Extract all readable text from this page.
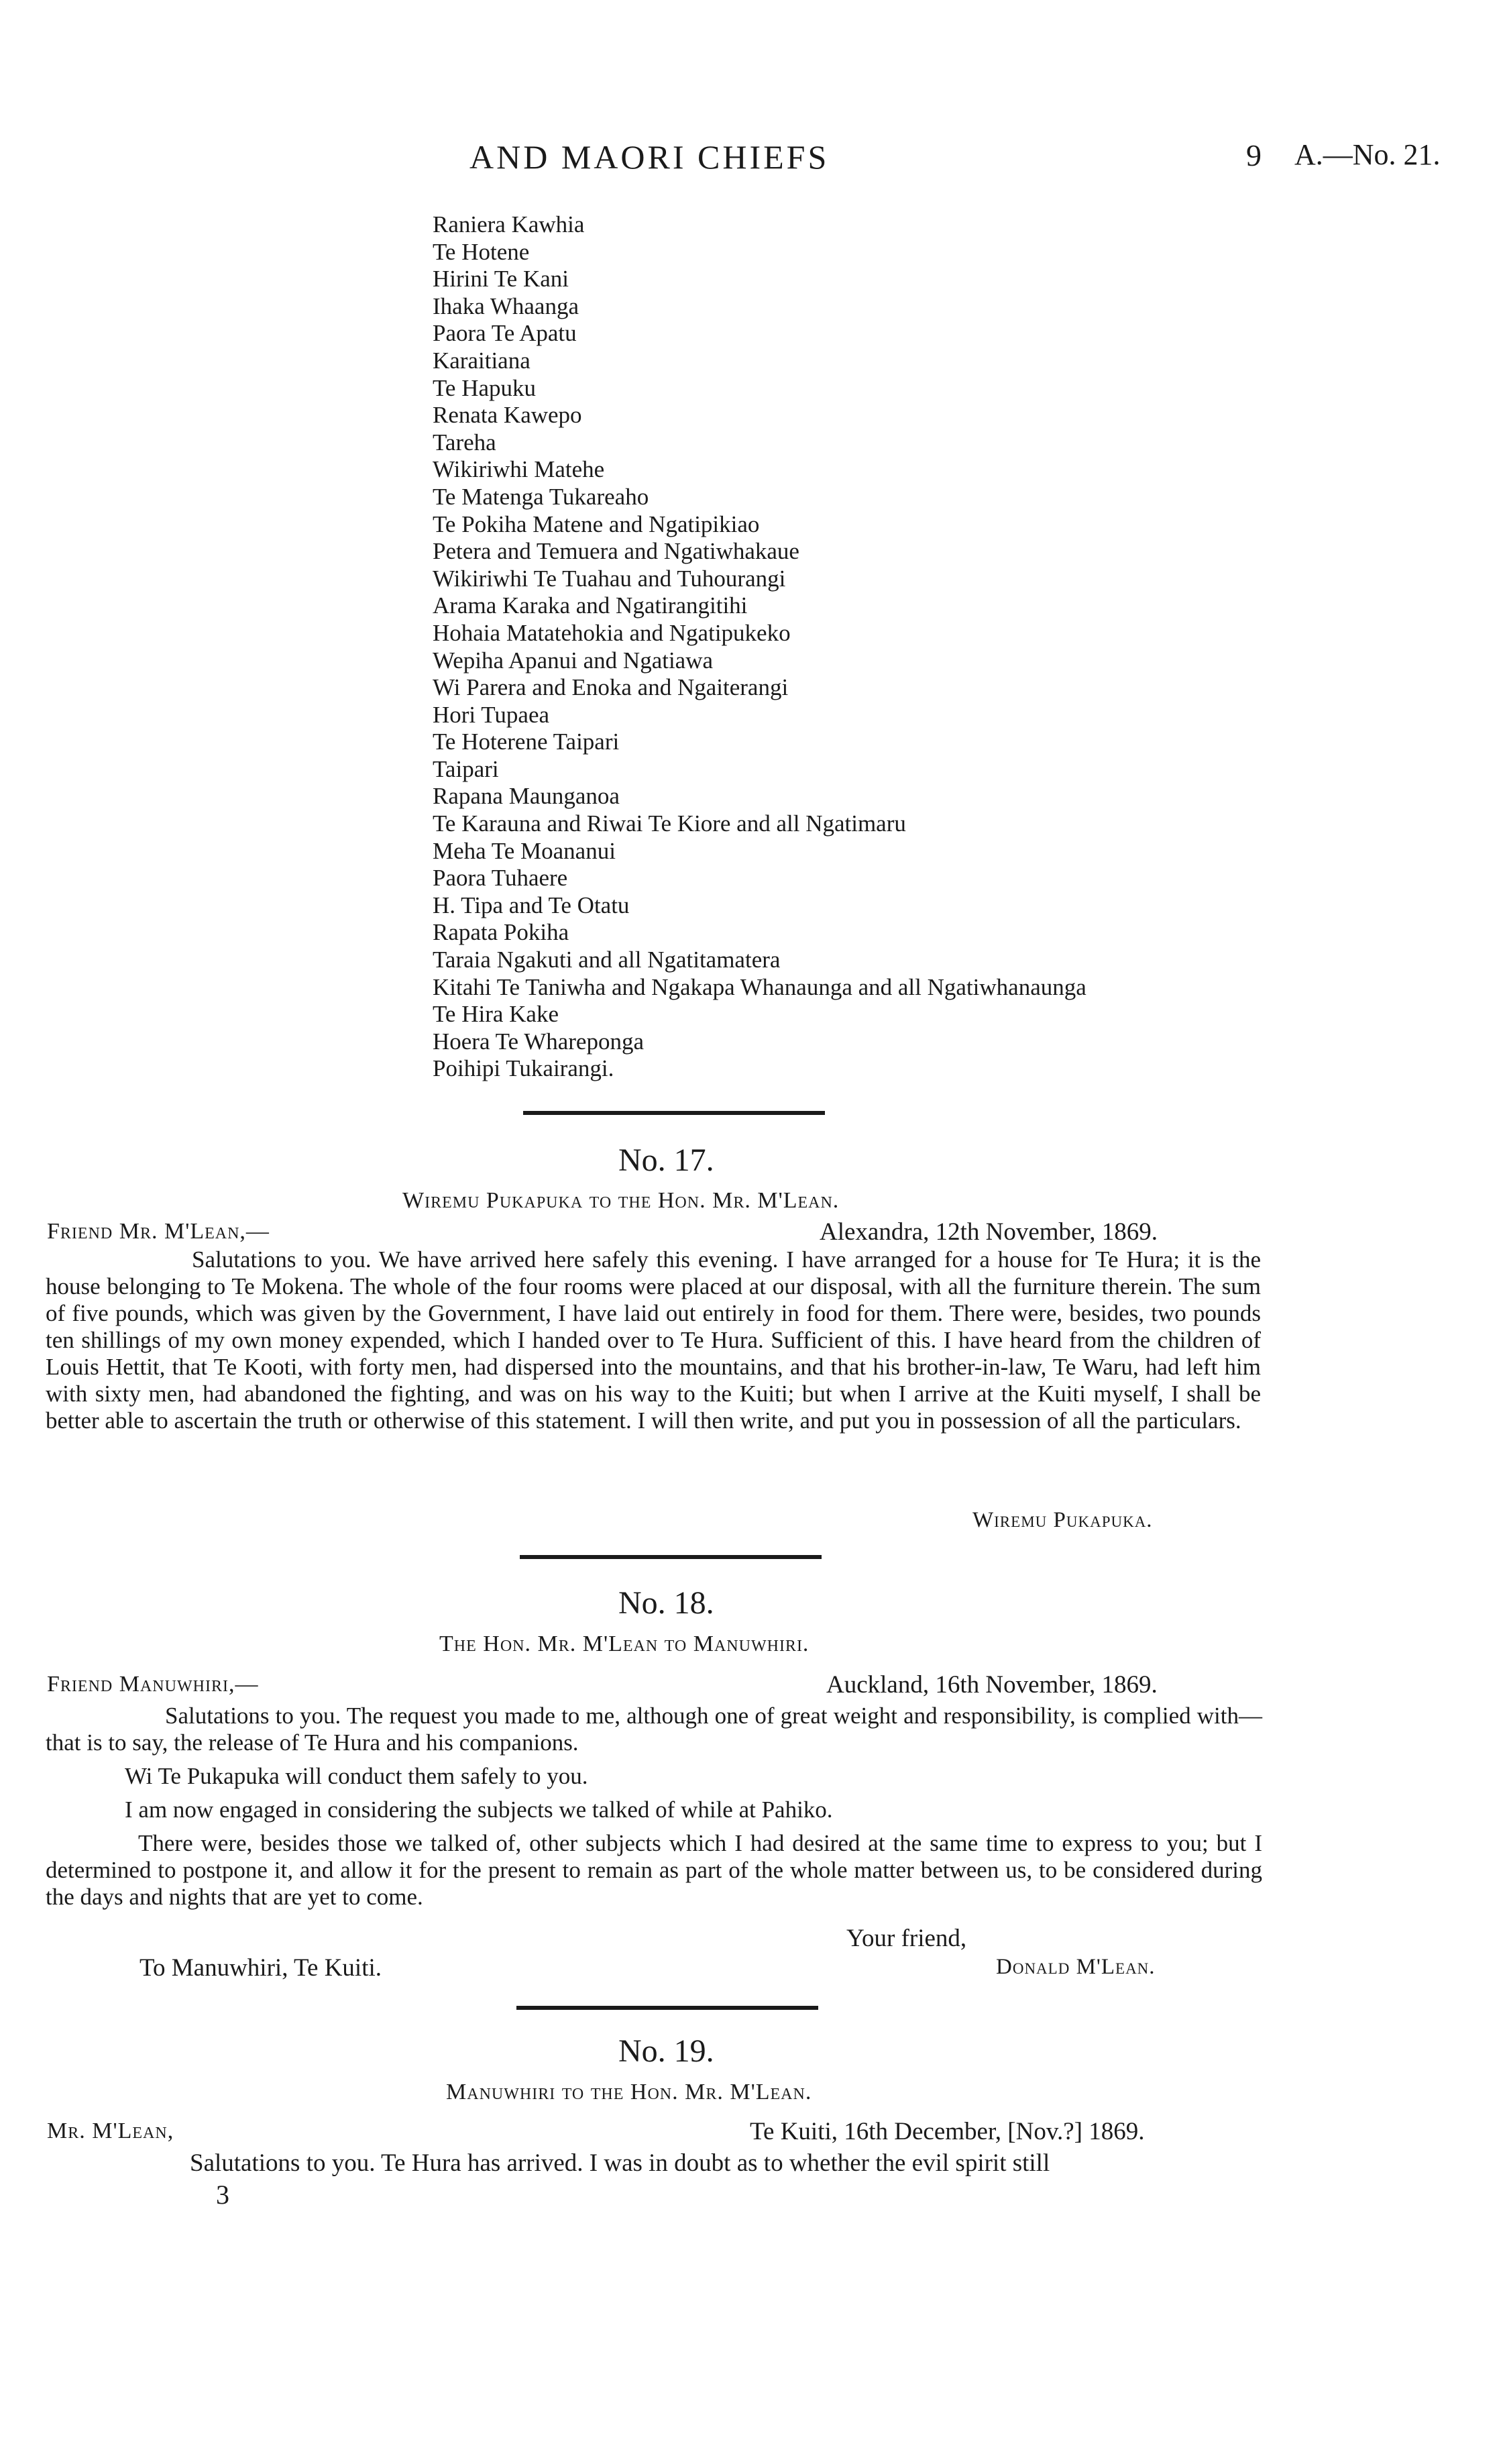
AND MAORI CHIEFS	9 A.—No. 21.
Raniera Kawhia
Te Hotene
Hirini Te Kani
Ihaka Whaanga
Paora Te Apatu
Karaitiana
Te Hapuku
Renata Kawepo
Tareha
Wikiriwhi Matehe
Te Matenga Tukareaho
Te Pokiha Matene and Ngatipikiao
Petera and Temuera and Ngatiwhakaue
Wikiriwhi Te Tuahau and Tuhourangi
Arama Karaka and Ngatirangitihi
Hohaia Matatehokia and Ngatipukeko
Wepiha Apanui and Ngatiawa
Wi Parera and Enoka and Ngaiterangi
Hori Tupaea
Te Hoterene Taipari
Taipari
Rapana Maunganoa
Te Karauna and Riwai Te Kiore and all Ngatimaru
Meha Te Moananui
Paora Tuhaere
H. Tipa and Te Otatu
Rapata Pokiha
Taraia Ngakuti and all Ngatitamatera
Kitahi Te Taniwha and Ngakapa Whanaunga and all Ngatiwhanaunga
Te Hira Kake
Hoera Te Whareponga
Poihipi Tukairangi.
No. 17.
Wiremu Pukapuka to the Hon. Mr. M'Lean.
Friend Mr. M'Lean,—	Alexandra, 12th November, 1869.
Salutations to you. We have arrived here safely this evening. I have arranged for a house for Te Hura; it is the house belonging to Te Mokena. The whole of the four rooms were placed at our disposal, with all the furniture therein. The sum of five pounds, which was given by the Government, I have laid out entirely in food for them. There were, besides, two pounds ten shillings of my own money expended, which I handed over to Te Hura. Sufficient of this. I have heard from the children of Louis Hettit, that Te Kooti, with forty men, had dispersed into the mountains, and that his brother-in-law, Te Waru, had left him with sixty men, had abandoned the fighting, and was on his way to the Kuiti; but when I arrive at the Kuiti myself, I shall be better able to ascertain the truth or otherwise of this statement. I will then write, and put you in possession of all the particulars.
Wiremu Pukapuka.
No. 18.
The Hon. Mr. M'Lean to Manuwhiri.
Friend Manuwhiri,—	Auckland, 16th November, 1869.

Salutations to you. The request you made to me, although one of great weight and responsibility, is complied with—that is to say, the release of Te Hura and his companions.

Wi Te Pukapuka will conduct them safely to you.

I am now engaged in considering the subjects we talked of while at Pahiko.

There were, besides those we talked of, other subjects which I had desired at the same time to express to you; but I determined to postpone it, and allow it for the present to remain as part of the whole matter between us, to be considered during the days and nights that are yet to come.

Your friend,
To Manuwhiri, Te Kuiti.	Donald M'Lean.
No. 19.
Manuwhiri to the Hon. Mr. M'Lean.
Mr. M'Lean,	Te Kuiti, 16th December, [Nov.?] 1869.
Salutations to you. Te Hura has arrived. I was in doubt as to whether the evil spirit still
3
